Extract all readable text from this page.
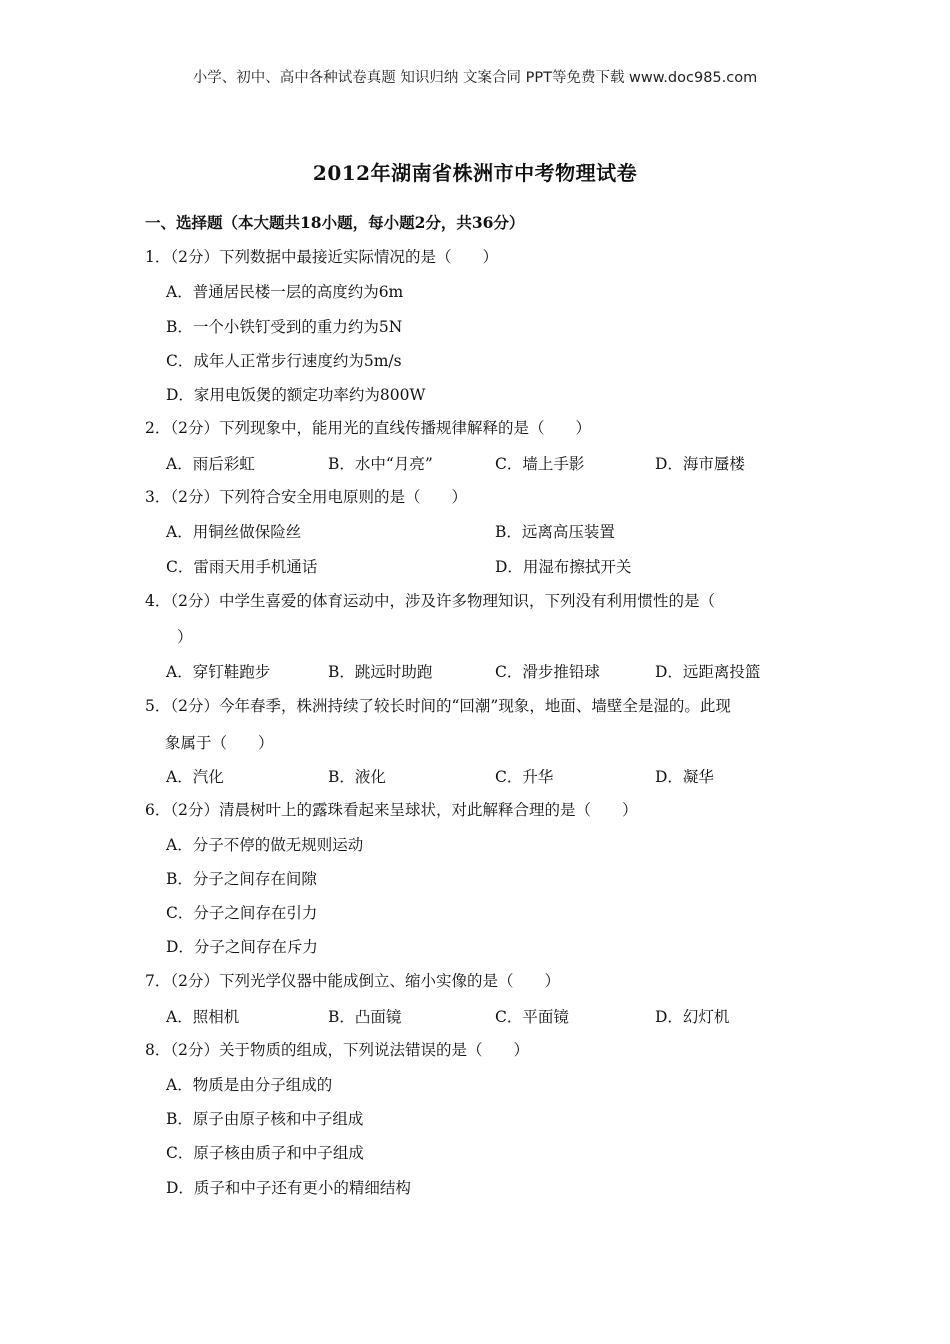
小学、初中、高中各种试卷真题 知识归纳 文案合同 PPT等免费下载 www.doc985.com
2012年湖南省株洲市中考物理试卷
一、选择题（本大题共18小题，每小题2分，共36分）
1．（2分）下列数据中最接近实际情况的是（　　）
A．普通居民楼一层的高度约为6m
B．一个小铁钉受到的重力约为5N
C．成年人正常步行速度约为5m/s
D．家用电饭煲的额定功率约为800W
2．（2分）下列现象中，能用光的直线传播规律解释的是（　　）
A．雨后彩虹	B．水中“月亮”	C．墙上手影	D．海市蜃楼
3．（2分）下列符合安全用电原则的是（　　）
A．用铜丝做保险丝	B．远离高压装置
C．雷雨天用手机通话	D．用湿布擦拭开关
4．（2分）中学生喜爱的体育运动中，涉及许多物理知识，下列没有利用惯性的是（
）
A．穿钉鞋跑步	B．跳远时助跑	C．滑步推铅球	D．远距离投篮
5．（2分）今年春季，株洲持续了较长时间的“回潮”现象，地面、墙壁全是湿的。此现
象属于（　　）
A．汽化	B．液化	C．升华	D．凝华
6．（2分）清晨树叶上的露珠看起来呈球状，对此解释合理的是（　　）
A．分子不停的做无规则运动
B．分子之间存在间隙
C．分子之间存在引力
D．分子之间存在斥力
7．（2分）下列光学仪器中能成倒立、缩小实像的是（　　）
A．照相机	B．凸面镜	C．平面镜	D．幻灯机
8．（2分）关于物质的组成，下列说法错误的是（　　）
A．物质是由分子组成的
B．原子由原子核和中子组成
C．原子核由质子和中子组成
D．质子和中子还有更小的精细结构
